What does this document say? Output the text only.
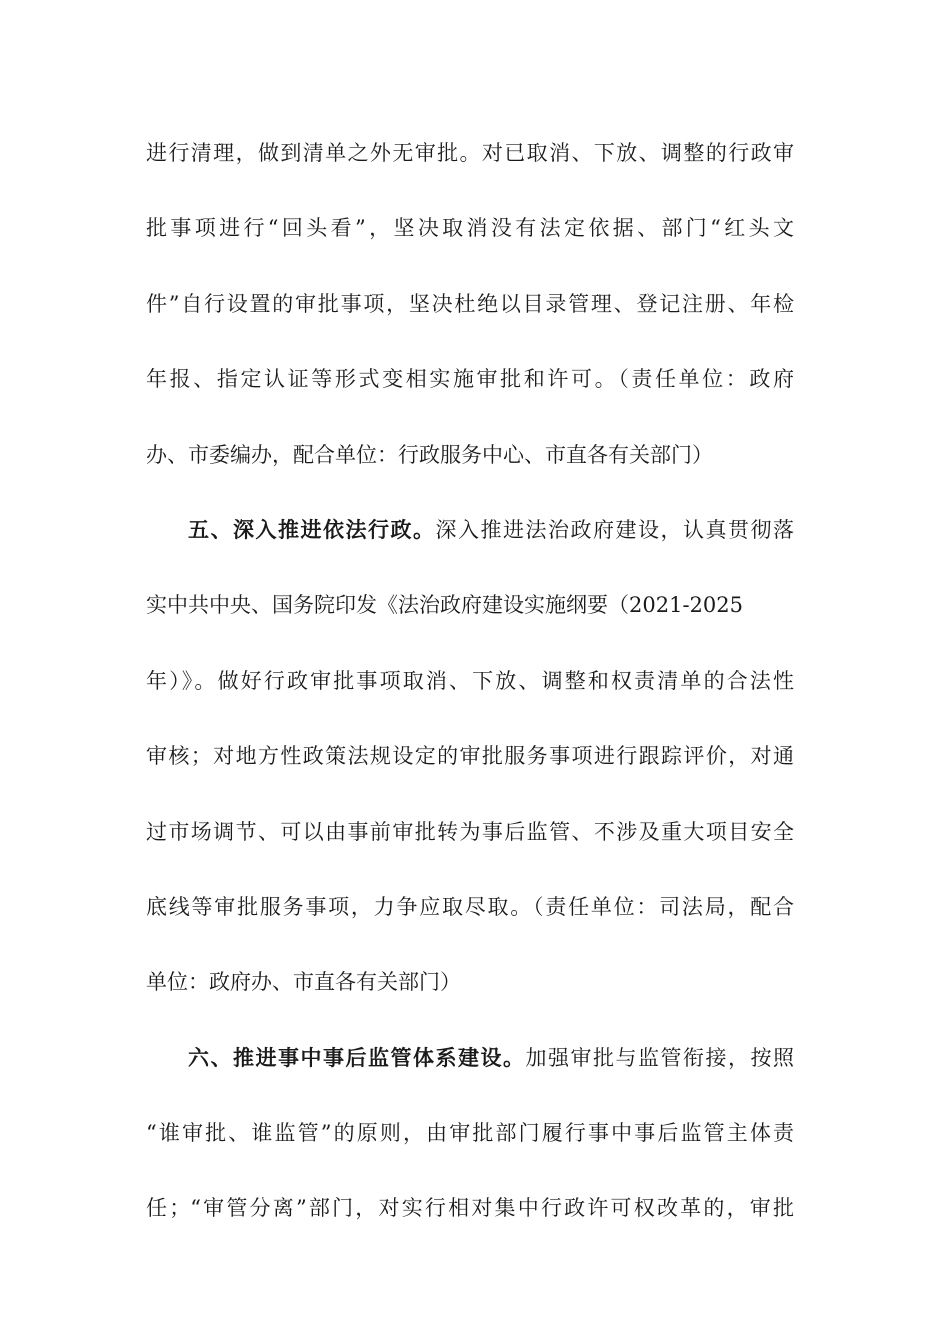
进行清理，做到清单之外无审批。对已取消、下放、调整的行政审
批事项进行“回头看”，坚决取消没有法定依据、部门“红头文
件”自行设置的审批事项，坚决杜绝以目录管理、登记注册、年检
年报、指定认证等形式变相实施审批和许可。（责任单位：政府
办、市委编办，配合单位：行政服务中心、市直各有关部门）
五、深入推进依法行政。深入推进法治政府建设，认真贯彻落
实中共中央、国务院印发《法治政府建设实施纲要（2021-2025
年）》。做好行政审批事项取消、下放、调整和权责清单的合法性
审核；对地方性政策法规设定的审批服务事项进行跟踪评价，对通
过市场调节、可以由事前审批转为事后监管、不涉及重大项目安全
底线等审批服务事项，力争应取尽取。（责任单位：司法局，配合
单位：政府办、市直各有关部门）
六、推进事中事后监管体系建设。加强审批与监管衔接，按照
“谁审批、谁监管”的原则，由审批部门履行事中事后监管主体责
任；“审管分离”部门，对实行相对集中行政许可权改革的，审批
